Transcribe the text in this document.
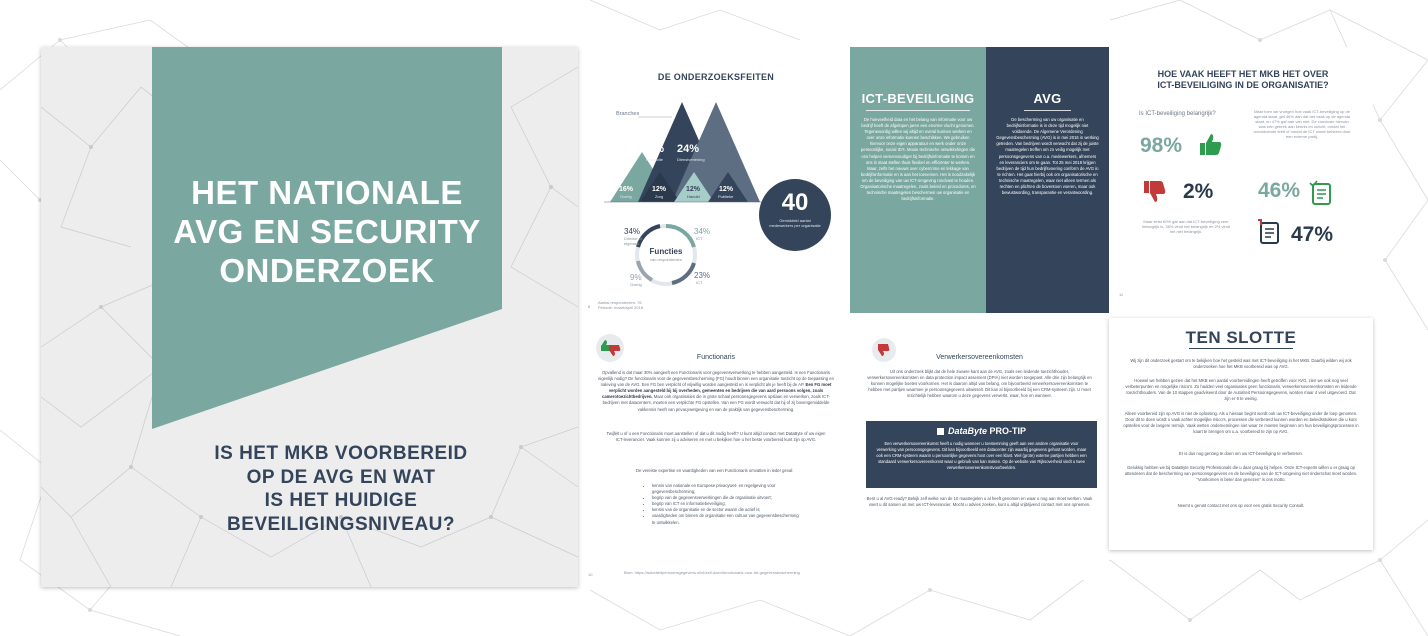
HET NATIONALE
AVG EN SECURITY
ONDERZOEK
IS HET MKB VOORBEREID
OP DE AVG EN WAT
IS HET HUIDIGE
BEVEILIGINGSNIVEAU?
DE ONDERZOEKSFEITEN
Branches
24%
Productie
24%
Dienstverlening
16%
Overig
12%
Zorg
12%
Handel
12%
Publieke
Functies
van respondenten
34%
Directie of eigenaar
34%
ICT
9%
Overig
23%
ICT
40
Gemiddeld aantal medewerkers per organisatie
Aantal respondenten: 76
Periode: maart/april 2018
8
ICT-BEVEILIGING
De hoeveelheid data en het belang van informatie voor uw bedrijf heeft de afgelopen jaren een enorme vlucht genomen. Tegenwoordig willen wij altijd en overal kunnen werken en over onze informatie kunnen beschikken. We gebruiken hiervoor onze eigen apparatuur en werk onder onze persoonlijke, social ID's. Mooie technische ontwikkelingen die ons helpen vereenvoudiger bij bedrijfsinformatie te komen en ons in staat stellen thuis flexibel en efficiënter te werken. Maar, zelfs het nieuws over cybercrime en lekkage van bedrijfsinformatie en is aan het toenemen. Het is noodzakelijk om de beveiliging van uw ICT-omgeving rondvast te houden. Organisatorische maatregelen, zoals beleid en procedures, en technische maatregelen beschermen uw organisatie en bedrijfsinformatie.
AVG
De bescherming van uw organisatie en bedrijfsinformatie is in deze tijd mogelijk niet voldoende. De Algemene Verordening Gegevensbescherming (AVG) is in mei 2016 in werking getreden. Van bedrijven wordt verwacht dat zij de juiste maatregelen treffen om zo veilig mogelijk met persoonsgegevens van o.a. medewerkers, afnemers en leveranciers om te gaan. Tot 25 mei 2018 krijgen bedrijven de tijd hun bedrijfsvoering conform de AVG in te richten. Het gaat hierbij ook om organisatorische en technische maatregelen, waar niet alleen termen als rechten en plichten de boventoon voeren, maar ook bewustwording, transparantie en verantwoording.
HOE VAAK HEEFT HET MKB HET OVER
ICT-BEVEILIGING IN DE ORGANISATIE?
Is ICT-beveiliging belangrijk?
98%
2%
Maar liefst 60% gaf aan dat ICT-beveiliging zeer belangrijk is, 38% vindt het belangrijk en 2% vindt het niet belangrijk.
Maar toen we vroegen hoe vaak ICT-beveiliging op de agenda staat, gaf 46% aan dat het vaak op de agenda staat, en 47% gaf aan van niet. De conclusie hiervan was een gebrek aan kennis en inzicht, omdat het onvoldoende leeft of omdat de ICT wordt beheerd door een externe partij.
46%
47%
11
Functionaris
Opvallend is dat maar 30% aangeeft een Functionaris voor gegevensverwerking te hebben aangesteld. Is een Functionaris eigenlijk nodig? De functionaris voor de gegevensbescherming (FG) houdt binnen een organisatie toezicht op de toepassing en naleving van de AVG. Een FG ben verplicht of vrijwillig worden aangesteld en is verplicht als je heeft bij de AP. Een FG moet verplicht worden aangesteld bij bij overheden, gemeenten en bedrijven die van aard persoons volgen, zoals camerotoezichtbedrijven. Maar ook organisaties die in grote schaal persoonsgegevens opslaan en verwerken, zoals ICT-bedrijven met datacenters, moeten een verplichte FG opstellen. Van een FG wordt verwacht dat hij of zij bovengemiddelde vakkennis heeft van privacywetgeving en van de praktijk van gegevensbescherming.
Twijfelt u of u een Functionaris moet aanstellen of dat u dit nodig heeft? U kunt altijd contact met DataByte of uw eigen ICT-leverancier. Vaak kunnen zij u adviseren en met u bekijken hoe u het beste voorbereid kunt zijn op AVG.
De vereiste expertise en vaardigheden van een Functionaris omvatten in ieder geval:
• kennis van nationale en Europese privacywet- en regelgeving voor gegevensbescherming;
• begrip van de gegevensverwerkingen die de organisatie uitvoert;
• begrip van ICT en informatiebeveiliging;
• kennis van de organisatie en de sector waarin die actief is;
• vaardigheden om binnen de organisatie een cultuur van gegevensbescherming te ontwikkelen.
Bron: https://autoriteitpersoonsgegevens.nl/nl/zelf-doen/functionaris-voor-de-gegevensbescherming
10
Verwerkersovereenkomsten
Uit ons onderzoek blijkt dat de hele zwaere kant aan de AVG, zoals een leidende toezichthouder, verwerkersovereenkomsten en data protection impact assement (DPIA) niet worden toegepast. Alle drie zijn belangrijk en kunnen mogelijke boetes voorkomen. Het is daarom altijd van belang, om bijvoorbeeld verwerkersovereenkomsten te hebben met partijen waarmee je persoonsgegevens uitwisselt. Dit kan al bijvoorbeeld bij een CRM-systeem zijn. U moet inzichtelijk hebben waarom u deze gegevens verwerkt, waar, hoe en wanneer.
DataByte PRO-TIP
Een verwerkersovereenkomst heeft u nodig wanneer u toestemming geeft aan een andere organisatie voor verwerking van persoonsgegevens. Dit kan bijvoorbeeld een datacenter zijn waarbij gegevens gehost worden, maar ook een CRM-systeem waarin u persoonlijke gegevens host over een klant. Wel (grote) externe partijen hebben een standaard verwerkersovereenkomst waar u gebruik van kan maken. Op de website van Rijksoverheid vindt u twee verwerkersovereenkomstvoorbeelden.
Bent u al AVG-ready? Bekijk zelf welke van de 10 maatregelen u al heeft genomen en waar u nog aan moet werken. Vaak voert u dit samen uit met uw ICT-leverancier. Mocht u advies zoeken, kunt u altijd vrijblijvend contact met ons opnemen.
TEN SLOTTE
Wij zijn dit onderzoek gestart om te bekijken hoe het gesteld was met ICT-beveiliging in het MKB. Daarbij wilden wij ook onderzoeken hoe het MKB voorbereid was op AVG.
Hoewel we hebben gezien dat het MKB een aantal voorbereidingen heeft getroffen voor AVG, zien we ook nog veel verbeterpunten en mogelijke risico's. Zo hadden veel organisaties geen functionaris, verwerkersovereenkomsten en leidende toezichthouders. Van de 10 stappen geadviseerd door de Autoriteit Persoonsgegevens, worden maar 4 veel uitgevoerd. Dat zijn er 6 te weinig.
Alleen voorbereid zijn op AVG is niet de oplossing. Als u hieraan begint wordt ook uw ICT-beveiliging onder de loep genomen. Door dit te doen wordt u vaak achter mogelijke risico's, processen die verbeterd kunnen worden en beleidsstukken die u kunt opstellen voor de langere termijn. Vaak wetten ondernemingen niet waar ze moeten beginnen om hun beveiligingsprocessen in kaart te brengen om u.a. voorbereid te zijn op AVG.
Er is dus nog genoeg te doen om uw ICT-beveiliging te verbeteren.
Gelukkig hebben we bij DataByte Security Professionals die u daar graag bij helpen. Onze ICT-experts willen u er graag op attenderen dat de bescherming van persoonsgegevens en de beveiliging van de ICT-omgeving niet onderschat moet worden. "Voorkomen is beter dan genezen" is ons motto.
Neemt u gerust contact met ons op voor een gratis Security Consult.
